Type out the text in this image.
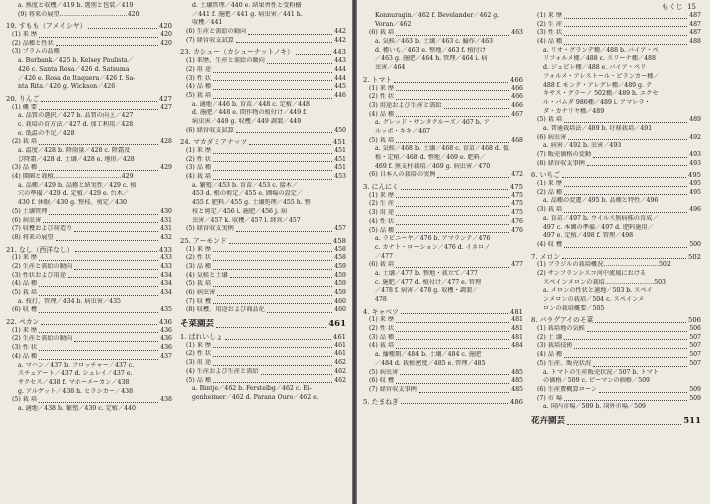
a. 熟度と収穫／419 b. 選別と包装／419
(9) 将来の展望……………………………420
19. すもも（アメイシヤ）	420
(1) 来 歴	420
(2) 品種と性状	420
(3) プラムの品種
a. Burbank／425 b. Kelsey Paulista／
426 c. Santa Rosa／426 d. Satsuma
／426 e. Rosa de Itaquera／426 f. Sa-
nta Rita／426 g. Wickson／426
20. りんご	427
(1) 概 要	427
a. 品質の選択／427 b. 品質の向上／427
c. 栽培の育方法／427 d. 加工利用／428
e. 低温の不足／428
(2) 栽 培	428
a. 温度／428 b. 降雨量／428 c. 降霜及
び降霜／428 d. 土壌／428 e. 地形／428
(3) 品 種	429
(4) 開園と栽植……………………………429
a. 品種／429 b. 品種と結実性／429 c. 植
穴の準備／429 d. 定植／429 e. 台木／
430 f. 休眠／430 g. 整枝、剪定／430
(5) 土壌管理	430
(6) 病虫害	431
(7) 収穫および荷造り	431
(8) 将来の展望	432
21. なし（西洋なし）	433
(1) 来 歴	433
(2) 生産と需給の動向	433
(3) 性状および用途	434
(4) 品 種	434
(5) 栽 培	434
a. 枝打、管理／434 b. 病虫害／435
(6) 収 穫	435
22. ペカン	436
(1) 来 歴	436
(2) 生産と需給の動向	436
(3) 性 状	436
(4) 品 種	437
a. マハン／437 b. フロッチャー／437 c.
スチュアート／437 d. シュレイ／437 e.
サクセス／438 f. マホーメーカン／438
g. アルゲット／438 h. ヒラシカー／438
(5) 栽 培	438
a. 適地／438 b. 繁殖／439 c. 定植／440
d. 土壌管理／440 e. 結果習性と受粉樹
／441 f. 施肥／441 g. 病虫害／441 h.
収穫／441
(6) 生産と需給の動向	442
(7) 経営収支試算	442
23. カシュー（カシューナットノキ）	443
(1) 来歴、生産と需給の動向	443
(2) 用 途	444
(3) 性 状	444
(4) 品 種	445
(5) 栽 培	446
a. 適地／446 b. 育苗／448 c. 定植／448
d. 施肥／448 e. 間作物の植付け／449 f.
病虫害／449 g. 収穫／449 調製／449
(6) 経営収支試算	450
24. マカダミアナッツ	451
(1) 来 歴	451
(2) 性 状	451
(3) 品 種	451
(4) 栽 培	453
a. 繁殖／453 b. 育苗／453 c. 接木／
453 d. 根の剪定／455 e. 圃場の設定／
455 f. 肥料／455 g. 土壌処理／455 h. 整
枝と剪定／456 i. 施肥／456 j. 病
虫害／457 k. 収穫／457 l. 経営／457
(5) 経営収支実例	457
25. アーモンド	458
(1) 来 歴	458
(2) 性 状	458
(3) 品 種	459
(4) 気候と土壌	459
(5) 栽 培	459
(6) 病虫害	459
(7) 収 穫	460
(8) 収穫、用途および商品化	460
そ菜園芸	461
1. ばれいしょ	461
(1) 来 歴	461
(2) 性 状	461
(3) 用 途	462
(4) 生産および生産と需給	462
(5) 品 種	462
a. Bintje／462 b. Ferstelbg／462 c. Ei-
genheimer／462 d. Parana Ouro／462 e.
もくじ 15
Konnuragin／462 f. Bevelander／462 g.
Voran／462
(6) 栽 培	463
a. 気候／463 b. 土壌／463 c. 輪作／463
d. 種いも／463 e. 整地／463 f. 植付け
／463 g. 施肥／464 h. 管理／464 i. 病
虫害／464
2. トマト	466
(1) 来 歴	466
(2) 性 状	466
(3) 用途および生産と需給	466
(4) 品 種	467
a. グレッド・サンタクルーズ／467 b. ア
ルッポ・キキ／467
(5) 栽 培	468
a. 気候／468 b. 土壌／468 c. 育苗／468 d. 仮
植・定植／468 d. 整地／469 e. 肥料／
469 f. 無支柱栽培／469 g. 病虫害／470
(6) 日本人の栽培の実例	472
3. にんにく	475
(1) 来 歴	475
(2) 生 産	475
(3) 用 途	475
(4) 性 状	476
(5) 品 種	476
a. ラビニーヤ／476 b. アマランテ／476
c. カナト・ローション／476 d. イネロノ
／477
(6) 栽 培	477
a. 土壌／477 b. 整地・栽立て／477
c. 施肥／477 d. 植付け／477 e. 管理
／478 f. 病害／478 g. 収穫・調製／
478
4. キャベツ	481
(1) 来 歴	481
(2) 性 状	481
(3) 品 種	481
(4) 栽 培	484
a. 播種期／484 b. 土壌／484 c. 施肥
／484 d. 栽植密度／485 e. 管理／485
(5) 病虫害	485
(6) 収 穫	485
(7) 経営収支事例	485
5. たまねぎ	486
(1) 来 歴	487
(2) 生 産	487
(3) 性 状	487
(4) 品 種	488
a. リオ・グランデ種／488 b. バイア・ペ
リフォルメ種／488 c. スリーナ種／488
d. ジュピレ種／488 e. バイア・ペリ
フォルメ・アレストール・ピランカー種／
488 f. モンテ・アレグレ種／489 g. テ
キサス・グラーノ 502種／489 h. エクセ
ル・バムダ 986種／489 i. アマレラ・
ダ・カナリヤ種／489
(5) 栽 培	489
a. 普通栽培法／489 b. 圩移栽培／491
(6) 病虫害	492
a. 病害／492 b. 虫害／493
(7) 販売価格の変動	493
(8) 経営収支事例	493
6. いちご	495
(1) 来 歴	495
(2) 品 種	495
a. 品種の変遷／495 b. 品種と特性／496
(3) 栽 培	496
a. 育苗／497 b. ウイルス無病株の育成／
497 c. 本圃の準備／497 d. 肥料施用／
497 e. 定植／498 f. 管理／498
(4) 収 穫	500
7. メロン	502
(1) ブラジルの栽培概況………………………502
(2) サンフランシスコ河中流域における
スペインメロンの栽培……………………503
a. メロンの性状と適地／503 b. スペイ
ンメロンの栽培／504 c. スペインメ
ロンの栽培概要／505
8. パラグアイのそ菜	506
(1) 栽培地の気候	506
(2) 土 壌	507
(3) 栽培技術	507
(4) 品 種	507
(5) 生産、販売状況	507
a. トマトの生産販売状況／507 b. トマト
の価格／509 c. ピーマンの価格／509
(6) 生産費概算ローン	509
(7) 市 場	509
a. 国内市場／509 b. 国外市場／509
花卉園芸	511
